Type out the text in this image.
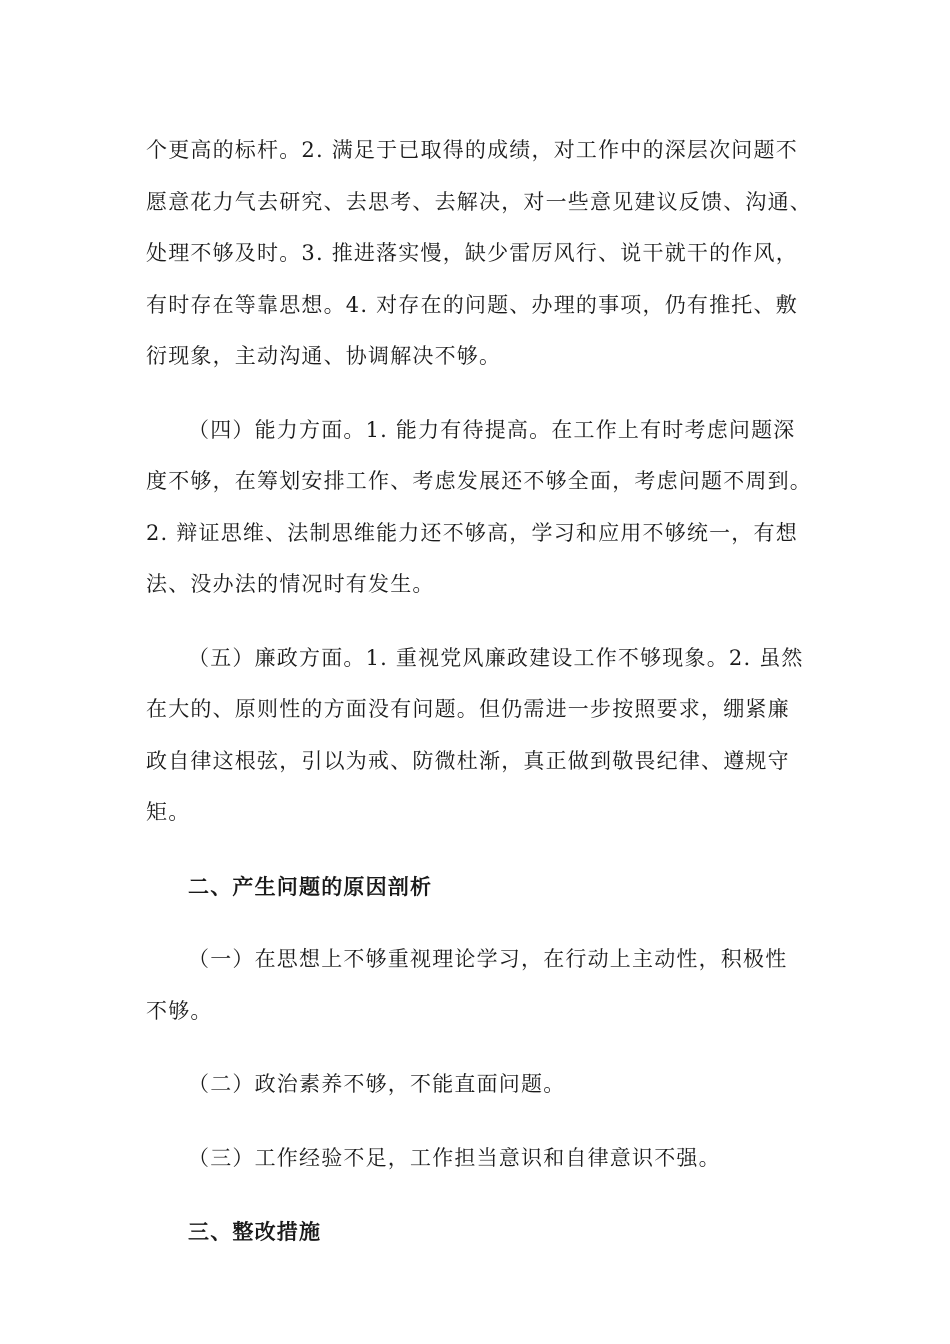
个更高的标杆。2. 满足于已取得的成绩，对工作中的深层次问题不
愿意花力气去研究、去思考、去解决，对一些意见建议反馈、沟通、
处理不够及时。3. 推进落实慢，缺少雷厉风行、说干就干的作风，
有时存在等靠思想。4. 对存在的问题、办理的事项，仍有推托、敷
衍现象，主动沟通、协调解决不够。

（四）能力方面。1. 能力有待提高。在工作上有时考虑问题深
度不够，在筹划安排工作、考虑发展还不够全面，考虑问题不周到。
2. 辩证思维、法制思维能力还不够高，学习和应用不够统一，有想
法、没办法的情况时有发生。

（五）廉政方面。1. 重视党风廉政建设工作不够现象。2. 虽然
在大的、原则性的方面没有问题。但仍需进一步按照要求，绷紧廉
政自律这根弦，引以为戒、防微杜渐，真正做到敬畏纪律、遵规守
矩。

二、产生问题的原因剖析

（一）在思想上不够重视理论学习，在行动上主动性，积极性
不够。

（二）政治素养不够，不能直面问题。

（三）工作经验不足，工作担当意识和自律意识不强。

三、整改措施
